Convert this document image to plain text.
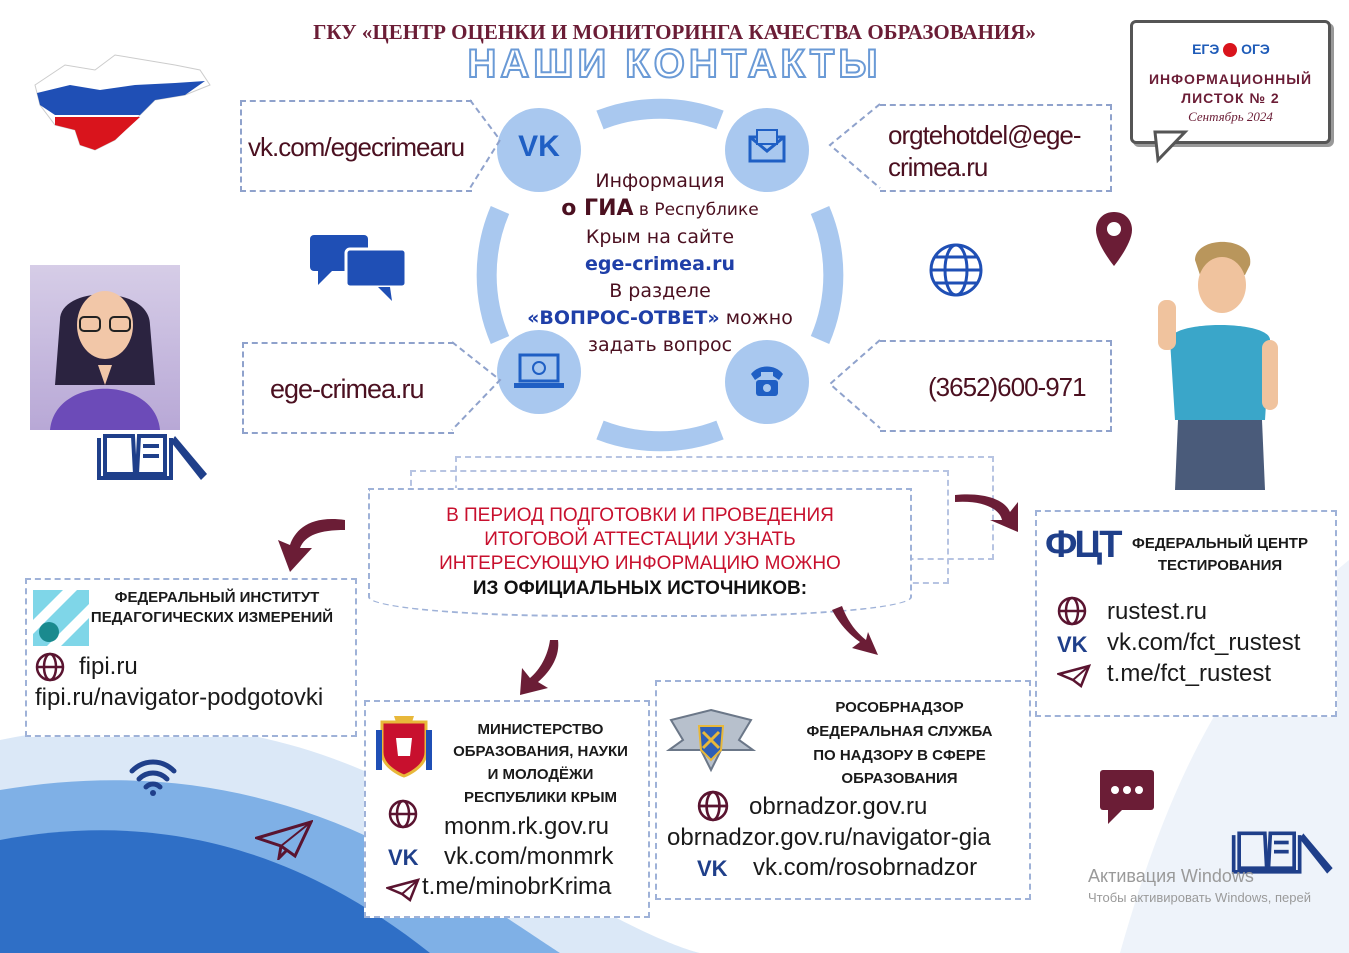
ГКУ «ЦЕНТР ОЦЕНКИ И МОНИТОРИНГА КАЧЕСТВА ОБРАЗОВАНИЯ»
НАШИ КОНТАКТЫ	ЕГЭ ОГЭ
ИНФОРМАЦИОННЫЙ
ЛИСТОК № 2
Сентябрь 2024
VK
Информация
о ГИА в Республике
Крым на сайте
ege-crimea.ru
В разделе
«ВОПРОС-ОТВЕТ» можно
задать вопрос
vk.com/egecrimearu	orgtehotdel@ege-
crimea.ru
ege-crimea.ru	(3652)600-971
В ПЕРИОД ПОДГОТОВКИ И ПРОВЕДЕНИЯ
ИТОГОВОЙ АТТЕСТАЦИИ УЗНАТЬ
ИНТЕРЕСУЮЩУЮ ИНФОРМАЦИЮ МОЖНО
ИЗ ОФИЦИАЛЬНЫХ ИСТОЧНИКОВ:
ФЕДЕРАЛЬНЫЙ ИНСТИТУТ
ПЕДАГОГИЧЕСКИХ ИЗМЕРЕНИЙ
fipi.ru
fipi.ru/navigator-podgotovki
МИНИСТЕРСТВО
ОБРАЗОВАНИЯ, НАУКИ
И МОЛОДЁЖИ
РЕСПУБЛИКИ КРЫМ
monm.rk.gov.ru
VK vk.com/monmrk
t.me/minobrKrima
РОСОБРНАДЗОР
ФЕДЕРАЛЬНАЯ СЛУЖБА
ПО НАДЗОРУ В СФЕРЕ
ОБРАЗОВАНИЯ
obrnadzor.gov.ru
obrnadzor.gov.ru/navigator-gia
VK vk.com/rosobrnadzor
ФЦТ ФЕДЕРАЛЬНЫЙ ЦЕНТР
ТЕСТИРОВАНИЯ
rustest.ru
VK vk.com/fct_rustest
t.me/fct_rustest
Активация Windows
Чтобы активировать Windows, перей
